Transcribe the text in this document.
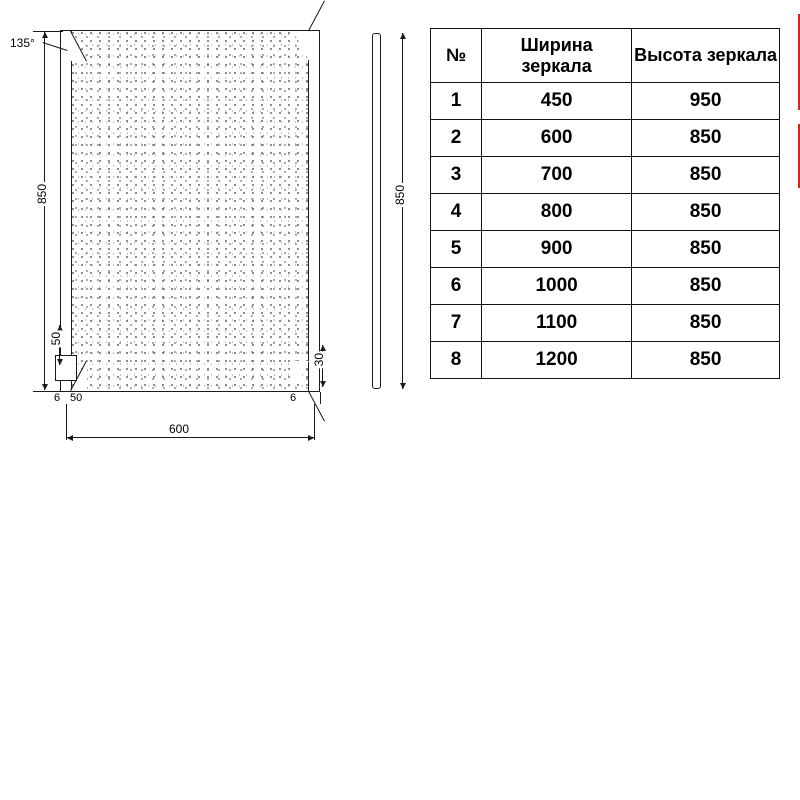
135°
850
50
30
6 50	6
600
850
№	Ширина зеркала	Высота зеркала
1	450	950
2	600	850
3	700	850
4	800	850
5	900	850
6	1000	850
7	1100	850
8	1200	850
